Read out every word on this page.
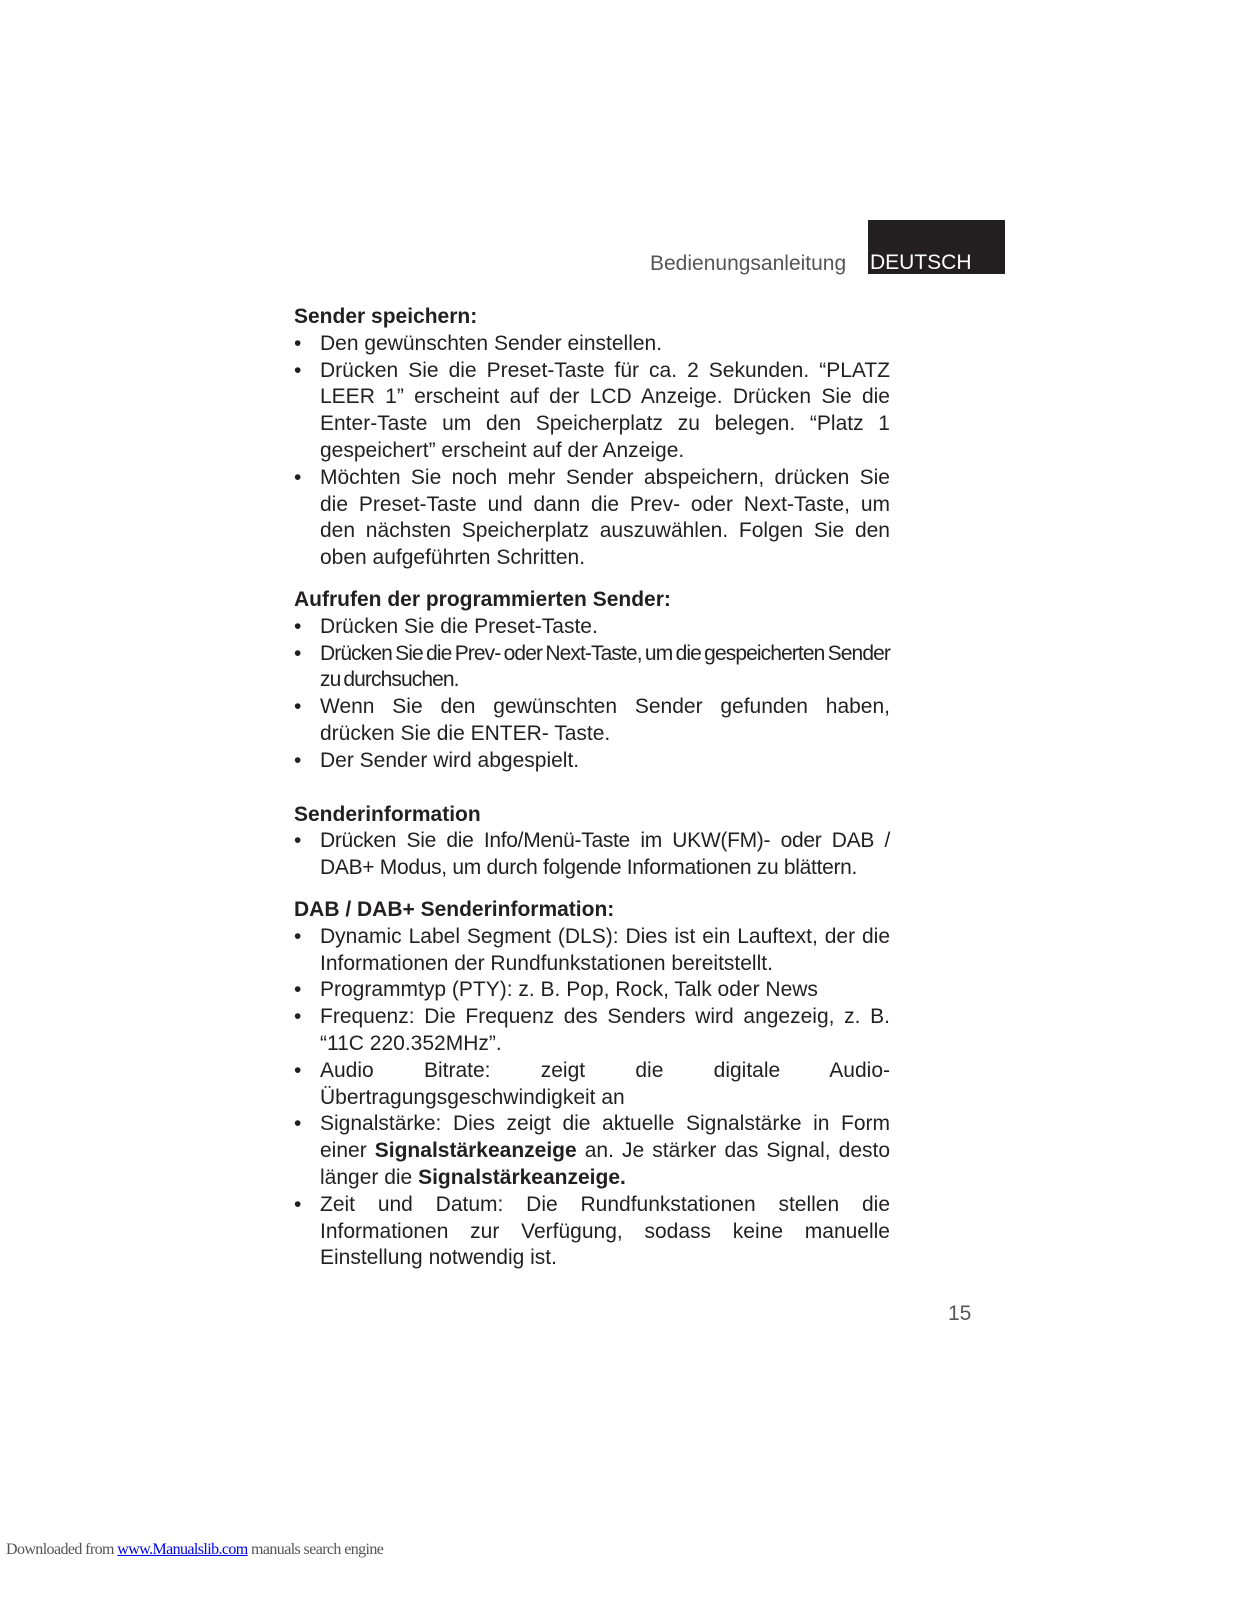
Bedienungsanleitung DEUTSCH
Sender speichern:
• Den gewünschten Sender einstellen.
• Drücken Sie die Preset-Taste für ca. 2 Sekunden. “PLATZ LEER 1” erscheint auf der LCD Anzeige. Drücken Sie die Enter-Taste um den Speicherplatz zu belegen. “Platz 1 gespeichert” erscheint auf der Anzeige.
• Möchten Sie noch mehr Sender abspeichern, drücken Sie die Preset-Taste und dann die Prev- oder Next-Taste, um den nächsten Speicherplatz auszuwählen. Folgen Sie den oben aufgeführten Schritten.
Aufrufen der programmierten Sender:
• Drücken Sie die Preset-Taste.
• Drücken Sie die Prev- oder Next-Taste, um die gespeicherten Sender zu durchsuchen.
• Wenn Sie den gewünschten Sender gefunden haben, drücken Sie die ENTER- Taste.
• Der Sender wird abgespielt.
Senderinformation
• Drücken Sie die Info/Menü-Taste im UKW(FM)- oder DAB / DAB+ Modus, um durch folgende Informationen zu blättern.
DAB / DAB+ Senderinformation:
• Dynamic Label Segment (DLS): Dies ist ein Lauftext, der die Informationen der Rundfunkstationen bereitstellt.
• Programmtyp (PTY): z. B. Pop, Rock, Talk oder News
• Frequenz: Die Frequenz des Senders wird angezeig, z. B. “11C 220.352MHz”.
• Audio Bitrate: zeigt die digitale Audio-
Übertragungsgeschwindigkeit an
• Signalstärke: Dies zeigt die aktuelle Signalstärke in Form einer Signalstärkeanzeige an. Je stärker das Signal, desto länger die Signalstärkeanzeige.
• Zeit und Datum: Die Rundfunkstationen stellen die Informationen zur Verfügung, sodass keine manuelle Einstellung notwendig ist.
15
Downloaded from www.Manualslib.com manuals search engine
